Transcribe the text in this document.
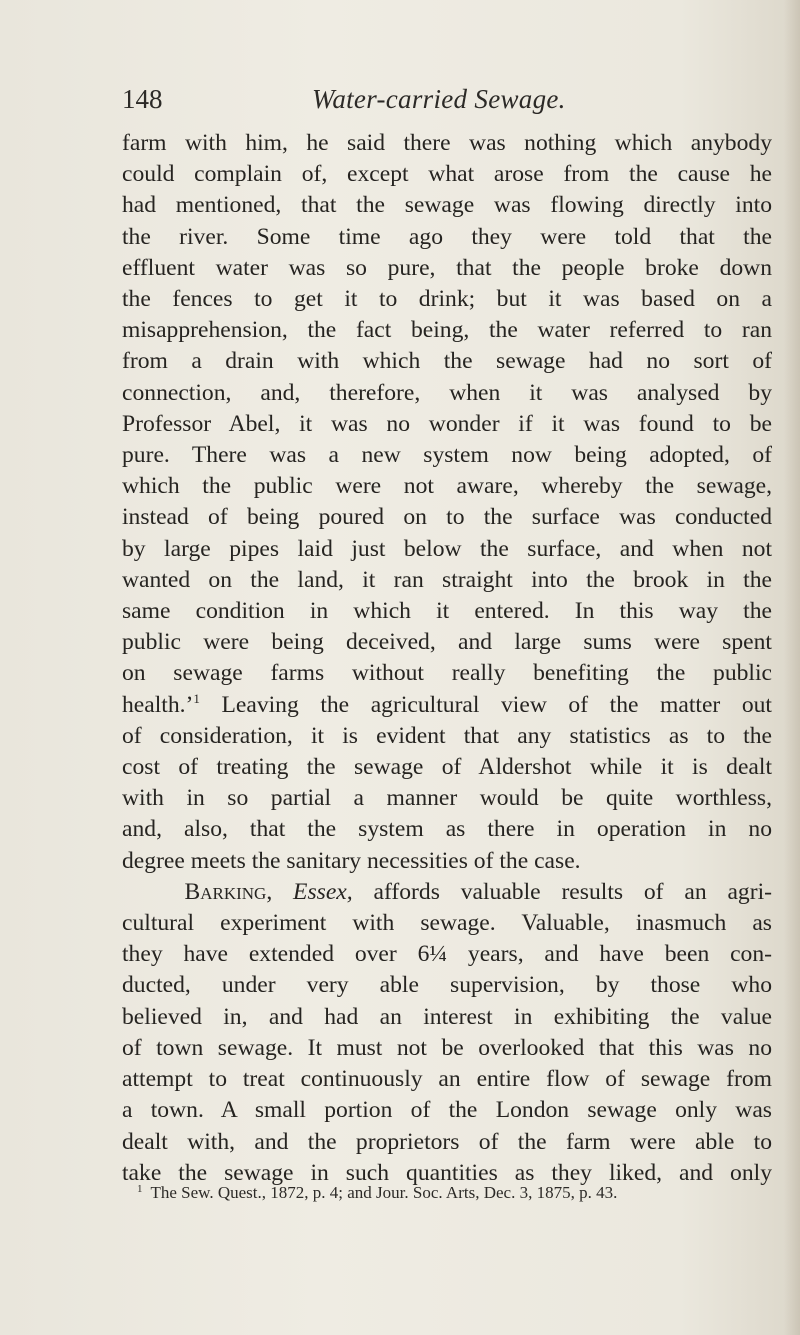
148	Water-carried Sewage.
farm with him, he said there was nothing which anybody
could complain of, except what arose from the cause he
had mentioned, that the sewage was flowing directly into
the river. Some time ago they were told that the
effluent water was so pure, that the people broke down
the fences to get it to drink; but it was based on a
misapprehension, the fact being, the water referred to ran
from a drain with which the sewage had no sort of
connection, and, therefore, when it was analysed by
Professor Abel, it was no wonder if it was found to be
pure. There was a new system now being adopted, of
which the public were not aware, whereby the sewage,
instead of being poured on to the surface was conducted
by large pipes laid just below the surface, and when not
wanted on the land, it ran straight into the brook in the
same condition in which it entered. In this way the
public were being deceived, and large sums were spent
on sewage farms without really benefiting the public
health.’$^1$ Leaving the agricultural view of the matter out
of consideration, it is evident that any statistics as to the
cost of treating the sewage of Aldershot while it is dealt
with in so partial a manner would be quite worthless,
and, also, that the system as there in operation in no
degree meets the sanitary necessities of the case.
Barking, Essex, affords valuable results of an agri-
cultural experiment with sewage. Valuable, inasmuch as
they have extended over 6¼ years, and have been con-
ducted, under very able supervision, by those who
believed in, and had an interest in exhibiting the value
of town sewage. It must not be overlooked that this was no
attempt to treat continuously an entire flow of sewage from
a town. A small portion of the London sewage only was
dealt with, and the proprietors of the farm were able to
take the sewage in such quantities as they liked, and only
$^1$ The Sew. Quest., 1872, p. 4; and Jour. Soc. Arts, Dec. 3, 1875, p. 43.
